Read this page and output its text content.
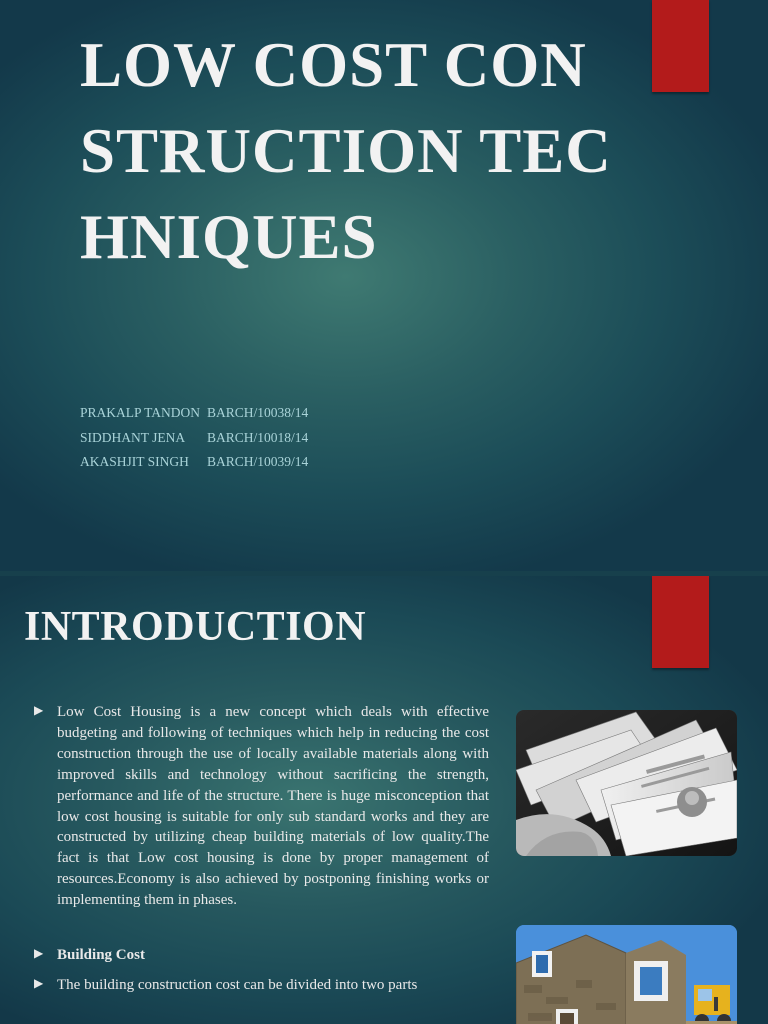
LOW COST CONSTRUCTION TECHNIQUES
PRAKALP TANDON BARCH/10038/14
SIDDHANT JENA BARCH/10018/14
AKASHJIT SINGH BARCH/10039/14
INTRODUCTION
▶ Low Cost Housing is a new concept which deals with effective budgeting and following of techniques which help in reducing the cost construction through the use of locally available materials along with improved skills and technology without sacrificing the strength, performance and life of the structure. There is huge misconception that low cost housing is suitable for only sub standard works and they are constructed by utilizing cheap building materials of low quality.The fact is that Low cost housing is done by proper management of resources.Economy is also achieved by postponing finishing works or implementing them in phases.
▶ Building Cost
▶ The building construction cost can be divided into two parts
